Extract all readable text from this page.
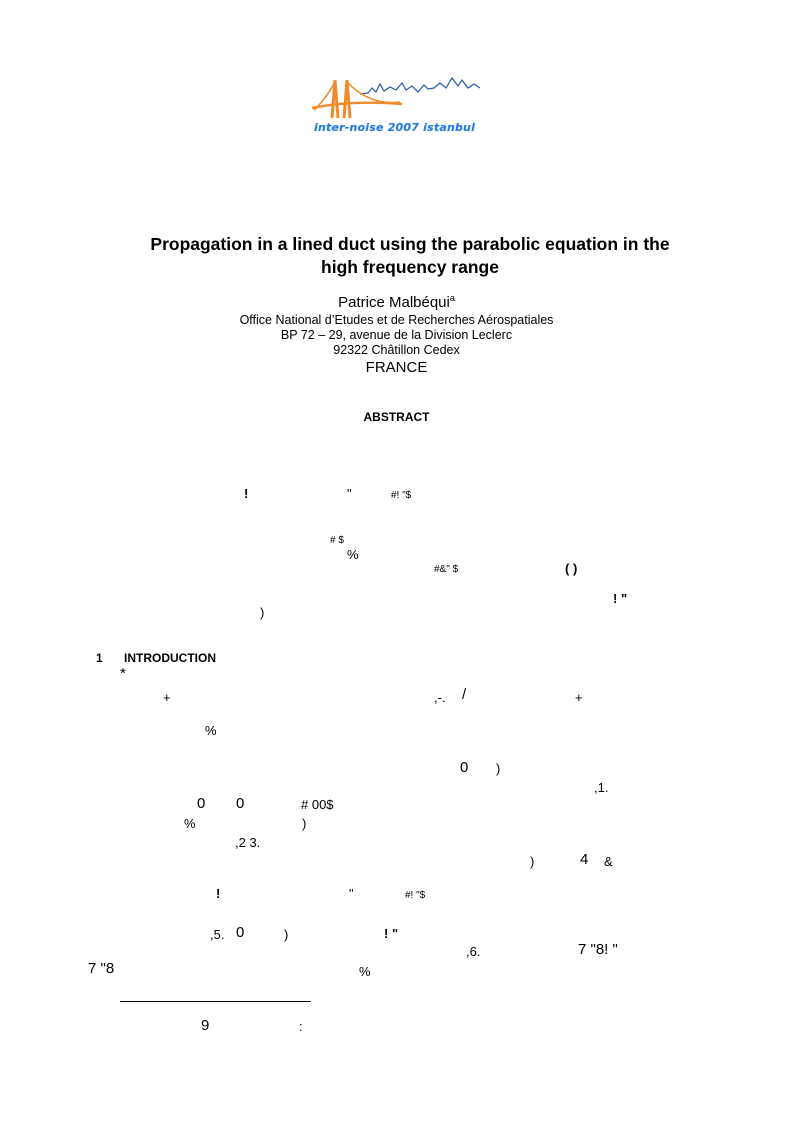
inter-noise 2007 istanbul
Propagation in a lined duct using the parabolic equation in the
high frequency range
Patrice Malbéqui$^a$
Office National d’Etudes et de Recherches Aérospatiales
BP 72 – 29, avenue de la Division Leclerc
92322 Châtillon Cedex
FRANCE
ABSTRACT
!	"	#! "$
# $
%
#&" $	( )
! "
)
1 INTRODUCTION
*
+	,-. /	+
%
0 )
,1.
0 0	# 00$
%	)
,2 3.
)	4 &
!	"	#! "$
,5. 0	)	! "
,6.	7 "8! "
7 "8	%
9	:
